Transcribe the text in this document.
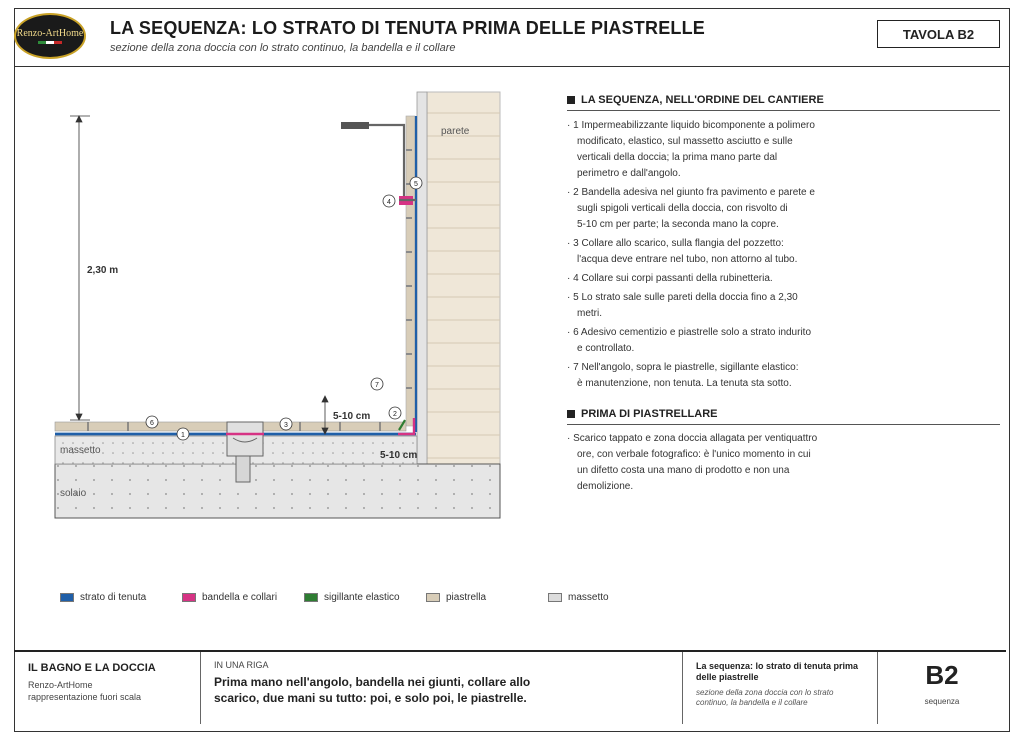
Renzo-ArtHome LA SEQUENZA: LO STRATO DI TENUTA PRIMA DELLE PIASTRELLE
sezione della zona doccia con lo strato continuo, la bandella e il collare
TAVOLA B2
parete
solaio
massetto
2,30 m
5-10 cm
5-10 cm
1
2
3
4
5
6
7
LA SEQUENZA, NELL'ORDINE DEL CANTIERE
· 1 Impermeabilizzante liquido bicomponente a polimero
modificato, elastico, sul massetto asciutto e sulle
verticali della doccia; la prima mano parte dal
perimetro e dall'angolo.
· 2 Bandella adesiva nel giunto fra pavimento e parete e
sugli spigoli verticali della doccia, con risvolto di
5-10 cm per parte; la seconda mano la copre.
· 3 Collare allo scarico, sulla flangia del pozzetto:
l'acqua deve entrare nel tubo, non attorno al tubo.
· 4 Collare sui corpi passanti della rubinetteria.
· 5 Lo strato sale sulle pareti della doccia fino a 2,30
metri.
· 6 Adesivo cementizio e piastrelle solo a strato indurito
e controllato.
· 7 Nell'angolo, sopra le piastrelle, sigillante elastico:
è manutenzione, non tenuta. La tenuta sta sotto.
PRIMA DI PIASTRELLARE
· Scarico tappato e zona doccia allagata per ventiquattro
ore, con verbale fotografico: è l'unico momento in cui
un difetto costa una mano di prodotto e non una
demolizione.
strato di tenuta	bandella e collari	sigillante elastico	piastrella	massetto
IL BAGNO E LA DOCCIA
Renzo-ArtHome
rappresentazione fuori scala
IN UNA RIGA
Prima mano nell'angolo, bandella nei giunti, collare allo scarico, due mani su tutto: poi, e solo poi, le piastrelle.
La sequenza: lo strato di tenuta prima delle piastrelle
sezione della zona doccia con lo strato continuo, la bandella e il collare
B2
sequenza
